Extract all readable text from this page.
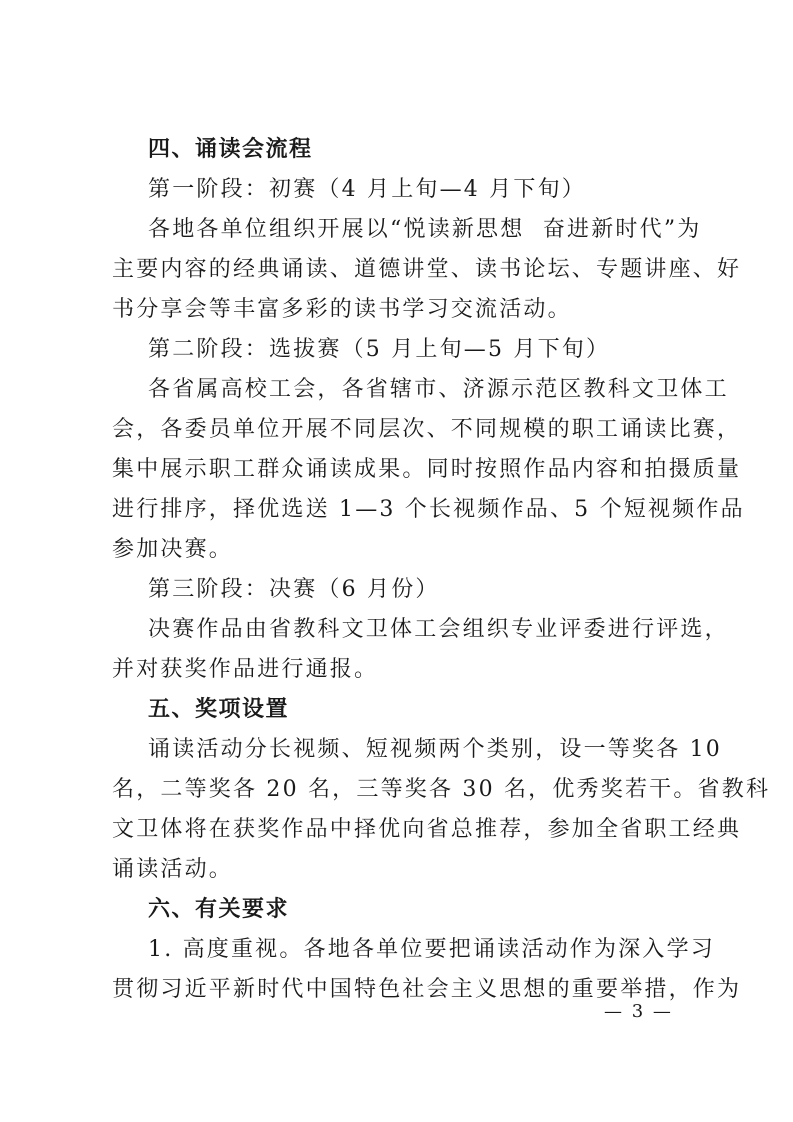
四、诵读会流程
第一阶段：初赛（4 月上旬—4 月下旬）
各地各单位组织开展以“悦读新思想  奋进新时代”为
主要内容的经典诵读、道德讲堂、读书论坛、专题讲座、好
书分享会等丰富多彩的读书学习交流活动。
第二阶段：选拔赛（5 月上旬—5 月下旬）
各省属高校工会，各省辖市、济源示范区教科文卫体工
会，各委员单位开展不同层次、不同规模的职工诵读比赛，
集中展示职工群众诵读成果。同时按照作品内容和拍摄质量
进行排序，择优选送 1—3 个长视频作品、5 个短视频作品
参加决赛。
第三阶段：决赛（6 月份）
决赛作品由省教科文卫体工会组织专业评委进行评选，
并对获奖作品进行通报。
五、奖项设置
诵读活动分长视频、短视频两个类别，设一等奖各 10
名，二等奖各 20 名，三等奖各 30 名，优秀奖若干。省教科
文卫体将在获奖作品中择优向省总推荐，参加全省职工经典
诵读活动。
六、有关要求
1. 高度重视。各地各单位要把诵读活动作为深入学习
贯彻习近平新时代中国特色社会主义思想的重要举措，作为
— 3 —
